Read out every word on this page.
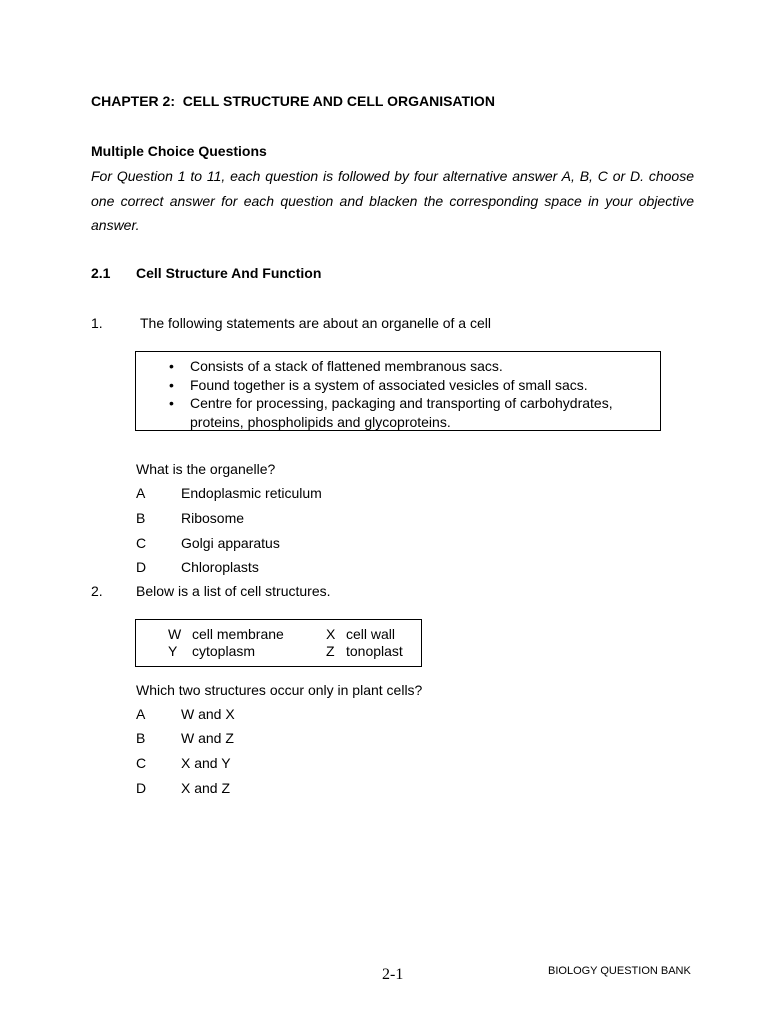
CHAPTER 2:  CELL STRUCTURE AND CELL ORGANISATION
Multiple Choice Questions
For Question 1 to 11, each question is followed by four alternative answer A, B, C or D. choose one correct answer for each question and blacken the corresponding space in your objective answer.
2.1 Cell Structure And Function
1.	The following statements are about an organelle of a cell
• Consists of a stack of flattened membranous sacs.
• Found together is a system of associated vesicles of small sacs.
• Centre for processing, packaging and transporting of carbohydrates,
proteins, phospholipids and glycoproteins.
What is the organelle?
A	Endoplasmic reticulum
B	Ribosome
C Golgi apparatus
D Chloroplasts
2. Below is a list of cell structures.
W cell membrane	X cell wall
Y cytoplasm	Z tonoplast
Which two structures occur only in plant cells?
A	W and X
B	W and Z
C X and Y
D X and Z
2-1	BIOLOGY QUESTION BANK
